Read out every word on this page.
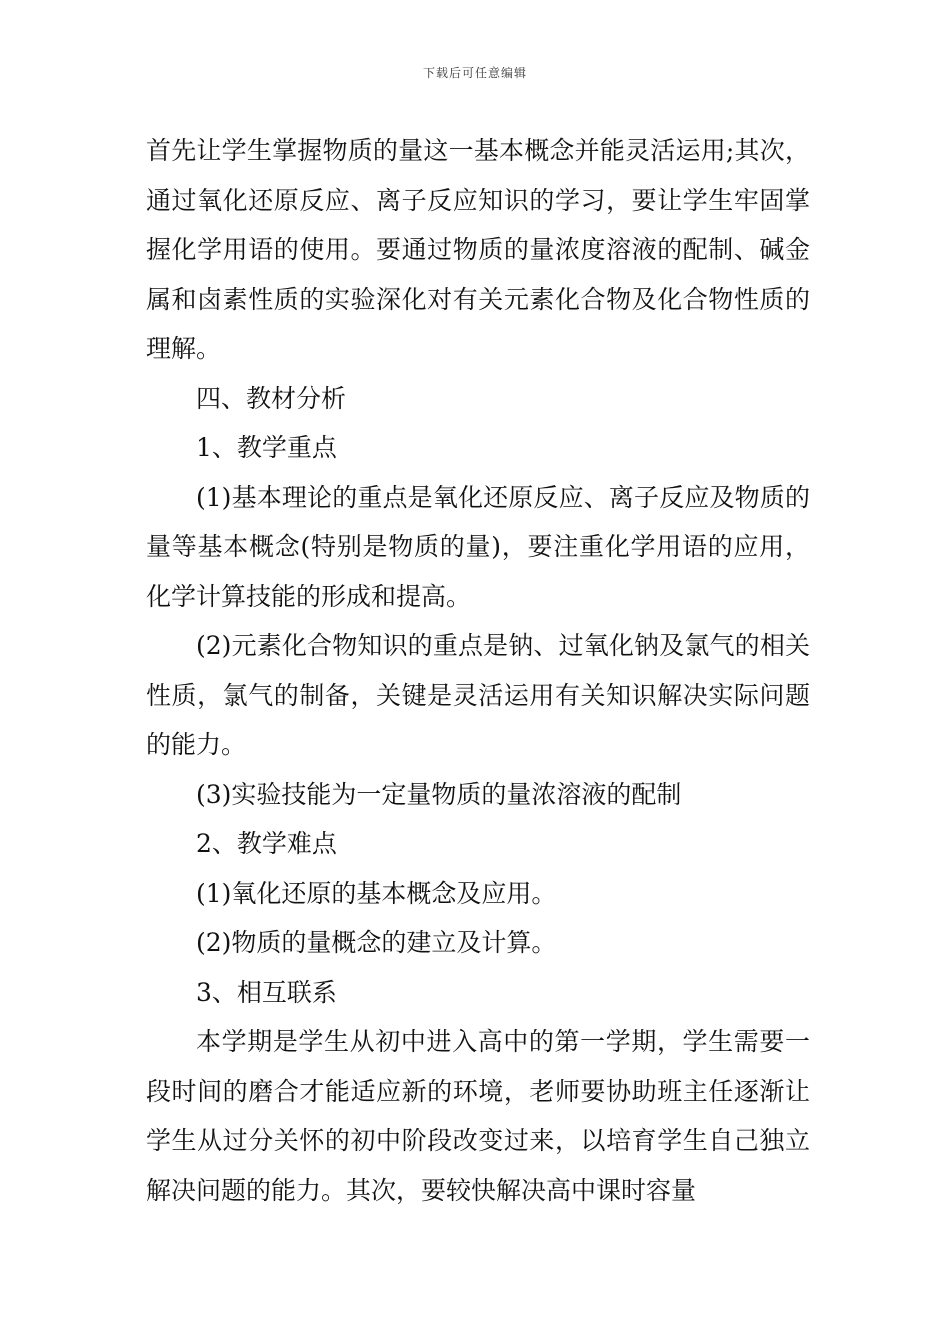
下载后可任意编辑

首先让学生掌握物质的量这一基本概念并能灵活运用;其次，通过氧化还原反应、离子反应知识的学习，要让学生牢固掌握化学用语的使用。要通过物质的量浓度溶液的配制、碱金属和卤素性质的实验深化对有关元素化合物及化合物性质的理解。

四、教材分析

1、教学重点

(1)基本理论的重点是氧化还原反应、离子反应及物质的量等基本概念(特别是物质的量)，要注重化学用语的应用，化学计算技能的形成和提高。

(2)元素化合物知识的重点是钠、过氧化钠及氯气的相关性质，氯气的制备，关键是灵活运用有关知识解决实际问题的能力。

(3)实验技能为一定量物质的量浓溶液的配制

2、教学难点

(1)氧化还原的基本概念及应用。

(2)物质的量概念的建立及计算。

3、相互联系

本学期是学生从初中进入高中的第一学期，学生需要一段时间的磨合才能适应新的环境，老师要协助班主任逐渐让学生从过分关怀的初中阶段改变过来，以培育学生自己独立解决问题的能力。其次，要较快解决高中课时容量
